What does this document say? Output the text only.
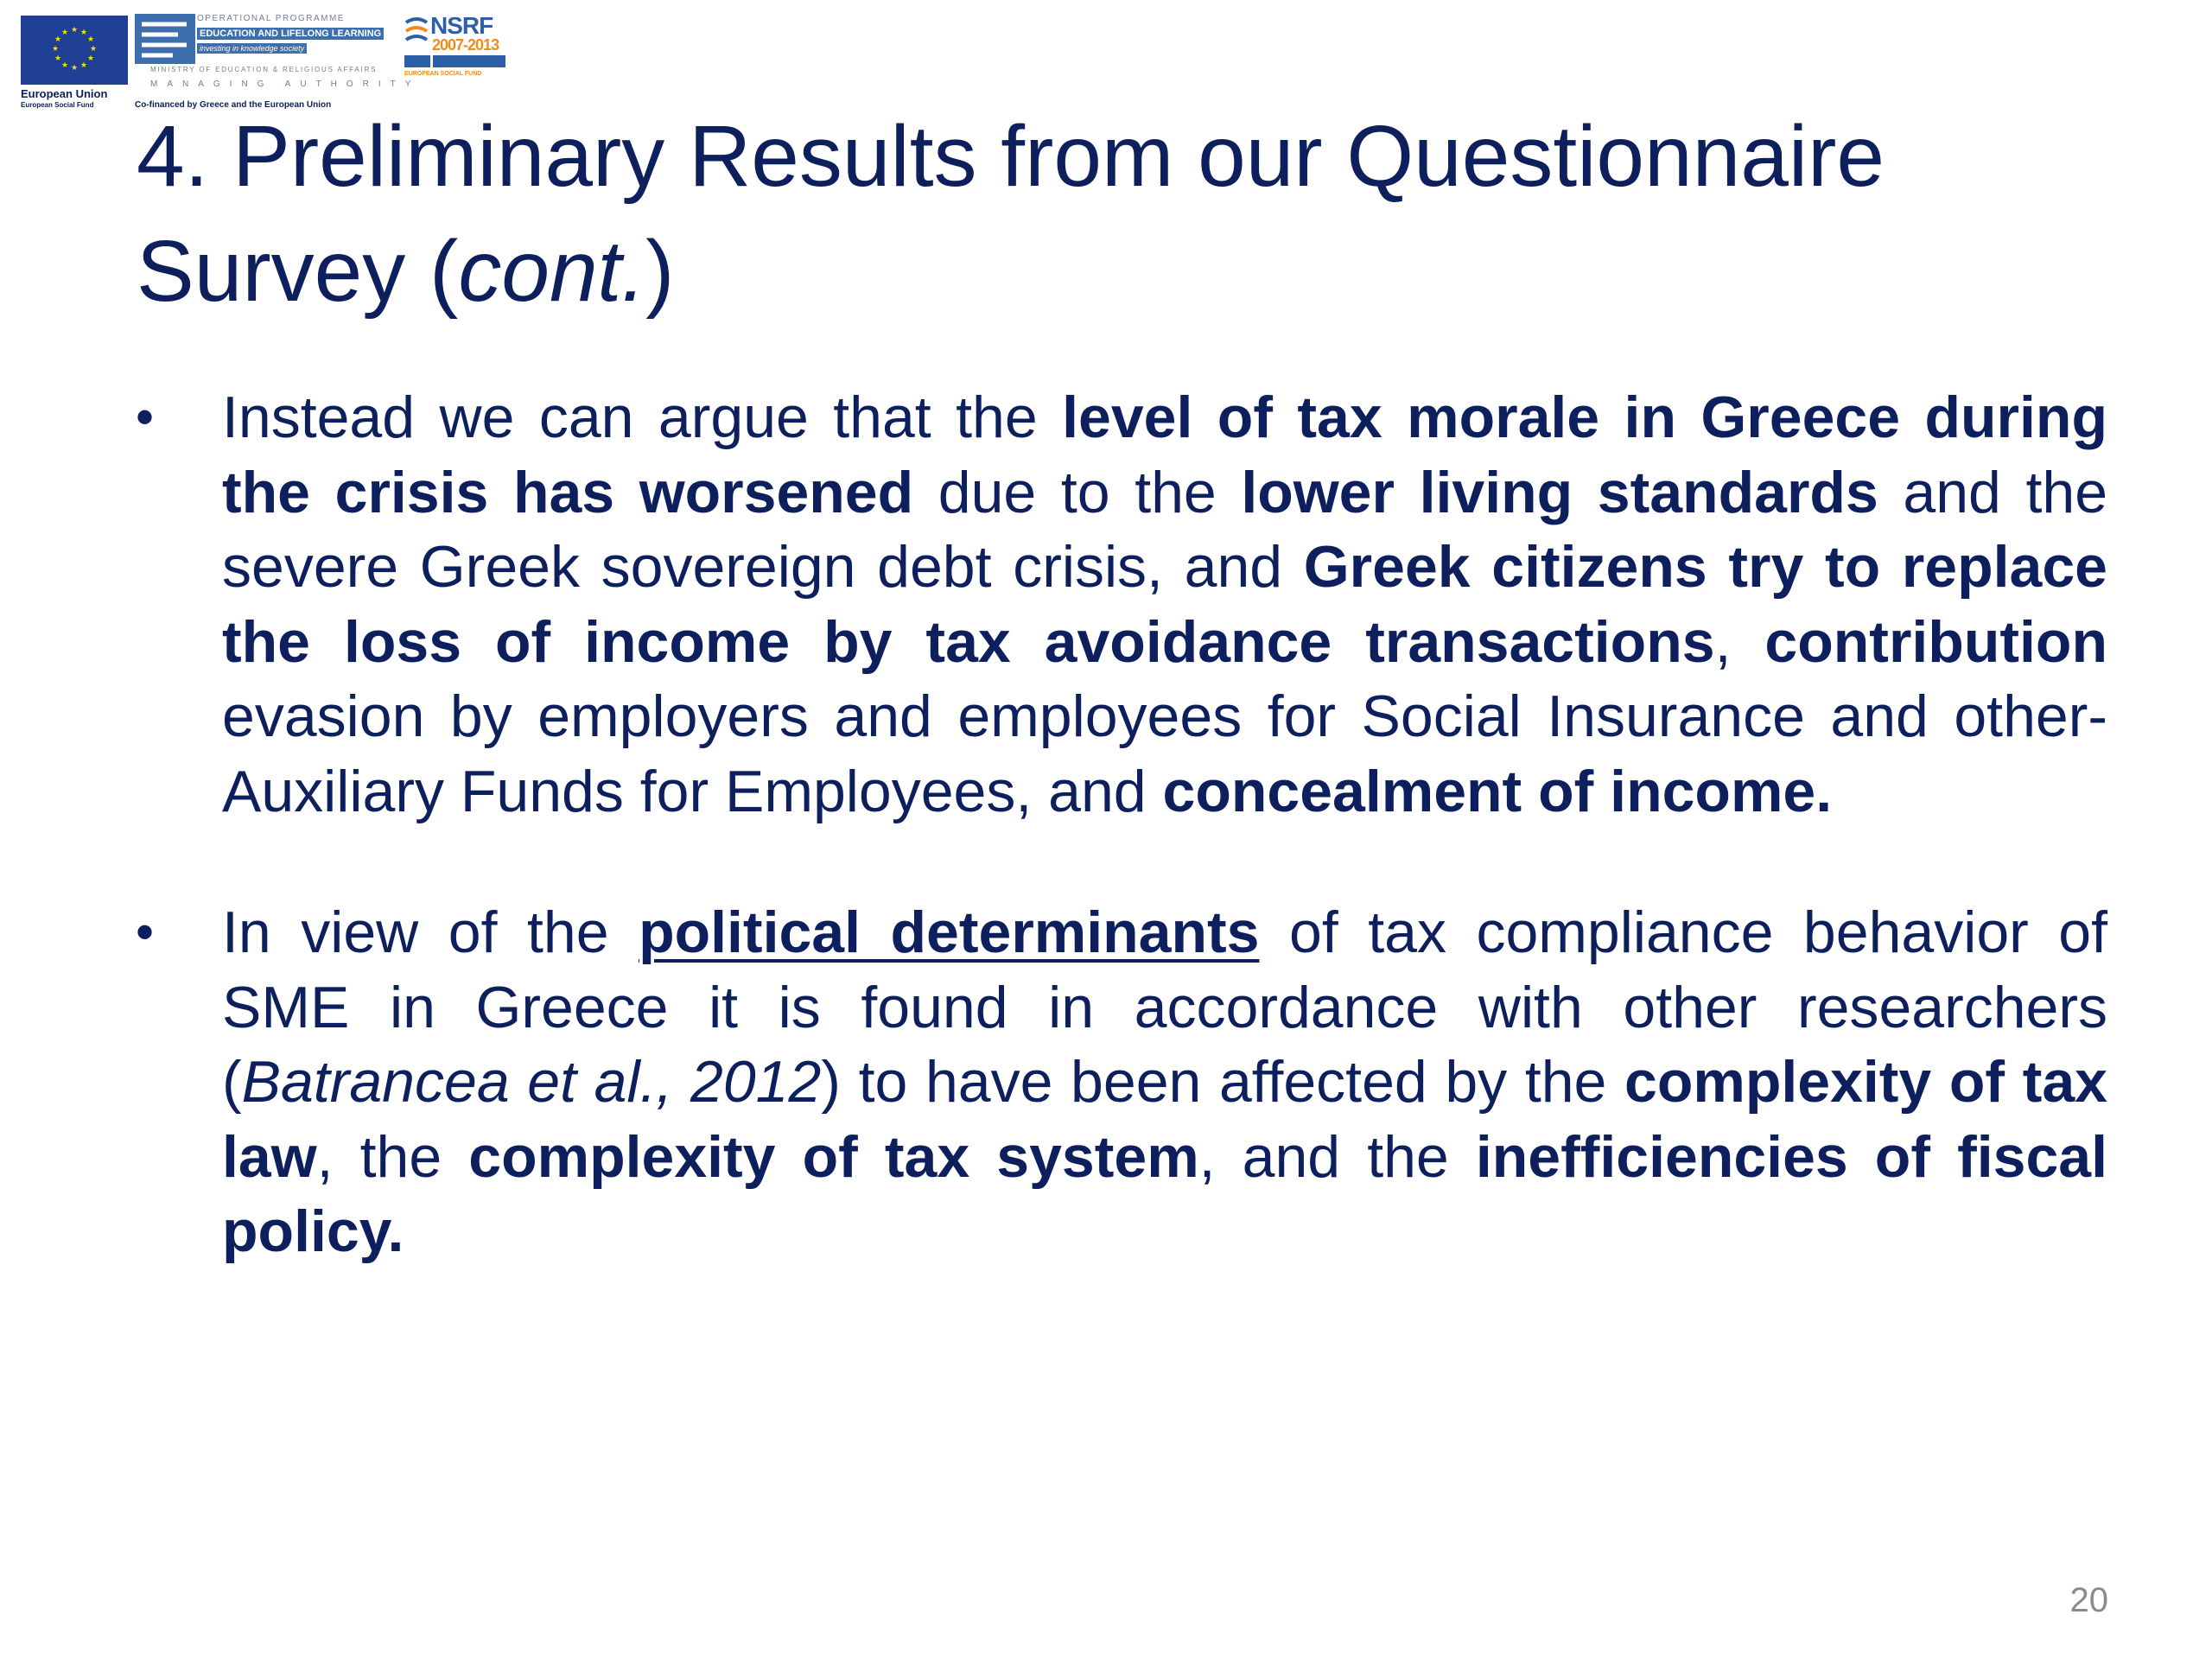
★ ★
★
★
★
★
★
★
★
★
★
★
European Union
European Social Fund
OPERATIONAL PROGRAMME
EDUCATION AND LIFELONG LEARNING
investing in knowledge society
MINISTRY OF EDUCATION & RELIGIOUS AFFAIRS
MANAGING AUTHORITY
Co-financed by Greece and the European Union
NSRF
2007-2013
EUROPEAN SOCIAL FUND
4. Preliminary Results from our Questionnaire Survey (cont.)
• Instead we can argue that the level of tax morale in Greece during the crisis has worsened due to the lower living standards and the severe Greek sovereign debt crisis, and Greek citizens try to replace the loss of income by tax avoidance transactions, contribution evasion by employers and employees for Social Insurance and other-Auxiliary Funds for Employees, and concealment of income.
• In view of the political determinants of tax compliance behavior of SME in Greece it is found in accordance with other researchers (Batrancea et al., 2012) to have been affected by the complexity of tax law, the complexity of tax system, and the inefficiencies of fiscal policy.
20
